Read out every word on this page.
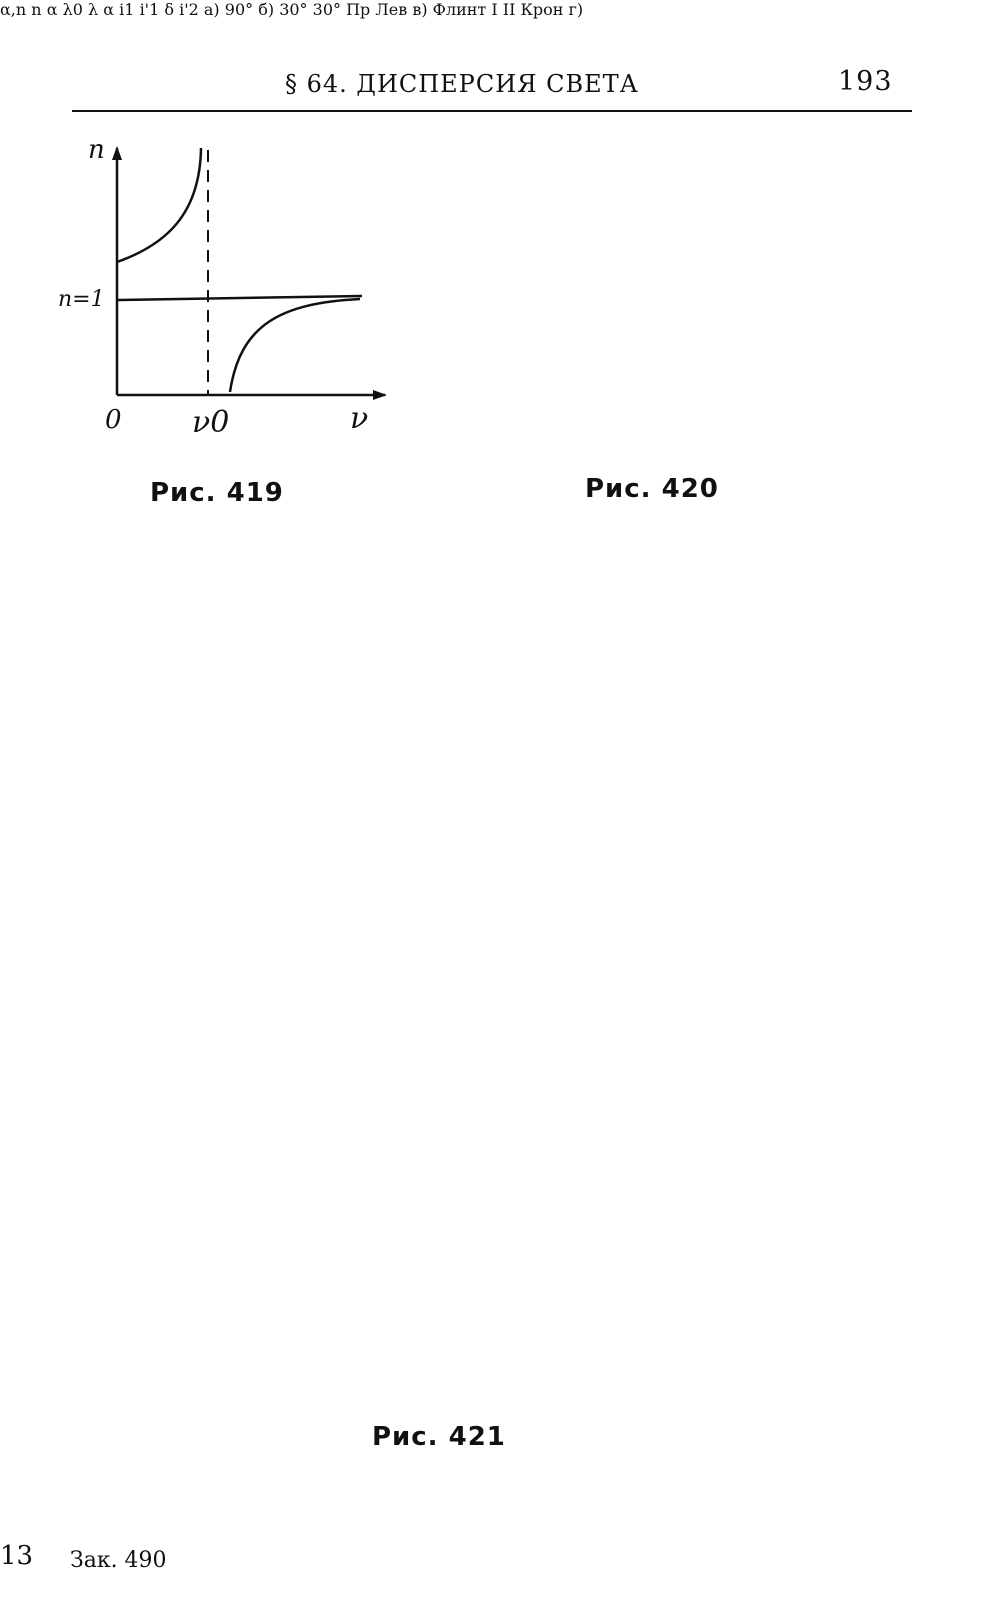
§ 64. ДИСПЕРСИЯ СВЕТА	193
n
n=1
0 ν0	ν
α,n n α λ0 λ α i1 i'1 δ i'2 а) 90° б) 30° 30° Пр Лев в) Флинт I II Крон г)
Рис. 419	Рис. 420
Рис. 421
13 Зак. 490
